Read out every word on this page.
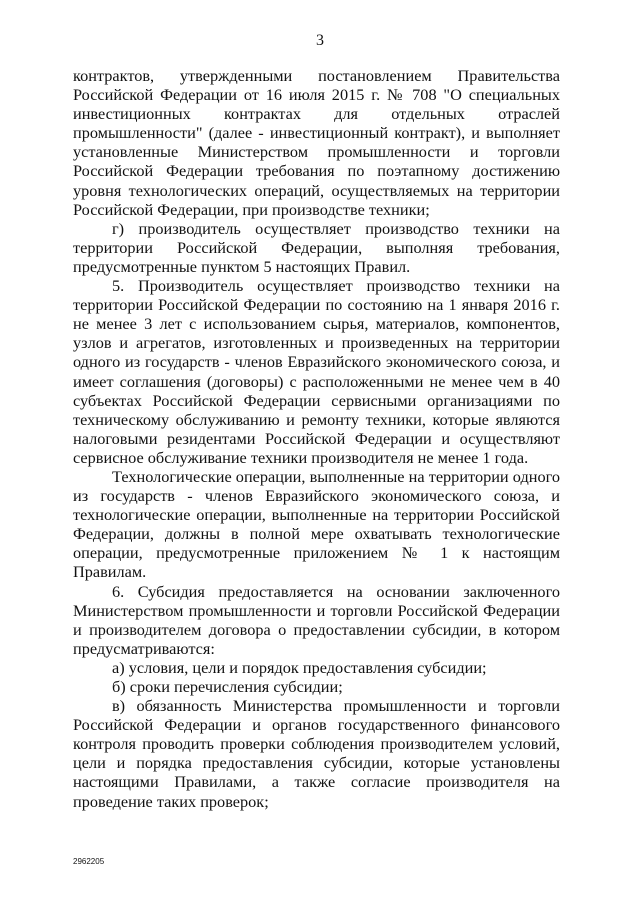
3

контрактов, утвержденными постановлением Правительства Российской Федерации от 16 июля 2015 г. № 708 "О специальных инвестиционных контрактах для отдельных отраслей промышленности" (далее - инвестиционный контракт), и выполняет установленные Министерством промышленности и торговли Российской Федерации требования по поэтапному достижению уровня технологических операций, осуществляемых на территории Российской Федерации, при производстве техники;

г) производитель осуществляет производство техники на территории Российской Федерации, выполняя требования, предусмотренные пунктом 5 настоящих Правил.

5. Производитель осуществляет производство техники на территории Российской Федерации по состоянию на 1 января 2016 г. не менее 3 лет с использованием сырья, материалов, компонентов, узлов и агрегатов, изготовленных и произведенных на территории одного из государств - членов Евразийского экономического союза, и имеет соглашения (договоры) с расположенными не менее чем в 40 субъектах Российской Федерации сервисными организациями по техническому обслуживанию и ремонту техники, которые являются налоговыми резидентами Российской Федерации и осуществляют сервисное обслуживание техники производителя не менее 1 года.

Технологические операции, выполненные на территории одного из государств - членов Евразийского экономического союза, и технологические операции, выполненные на территории Российской Федерации, должны в полной мере охватывать технологические операции, предусмотренные приложением № 1 к настоящим Правилам.

6. Субсидия предоставляется на основании заключенного Министерством промышленности и торговли Российской Федерации и производителем договора о предоставлении субсидии, в котором предусматриваются:

а) условия, цели и порядок предоставления субсидии;

б) сроки перечисления субсидии;

в) обязанность Министерства промышленности и торговли Российской Федерации и органов государственного финансового контроля проводить проверки соблюдения производителем условий, цели и порядка предоставления субсидии, которые установлены настоящими Правилами, а также согласие производителя на проведение таких проверок;

2962205
